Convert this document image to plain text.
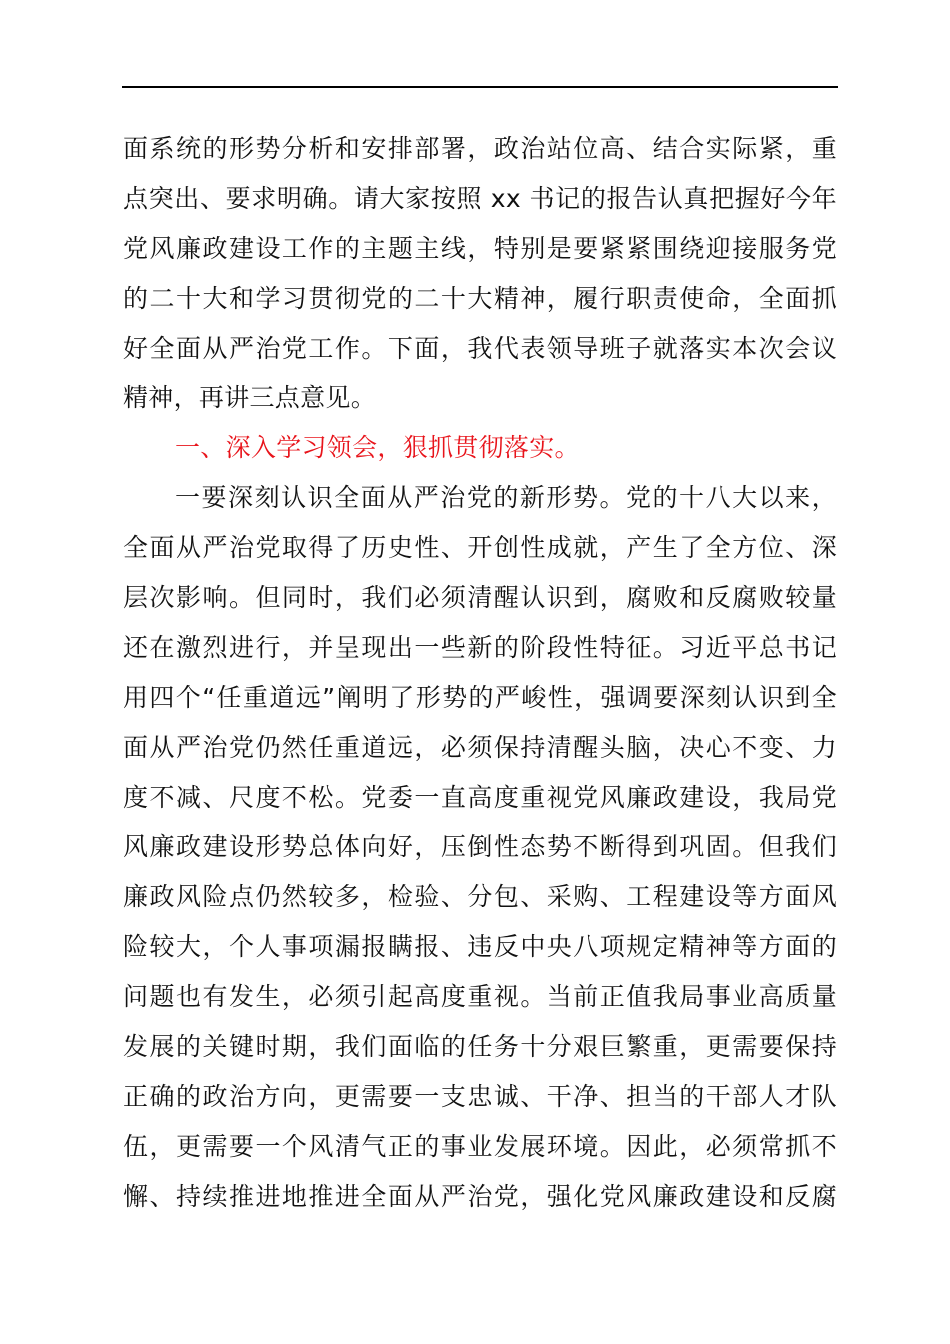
面系统的形势分析和安排部署，政治站位高、结合实际紧，重
点突出、要求明确。请大家按照 xx 书记的报告认真把握好今年
党风廉政建设工作的主题主线，特别是要紧紧围绕迎接服务党
的二十大和学习贯彻党的二十大精神，履行职责使命，全面抓
好全面从严治党工作。下面，我代表领导班子就落实本次会议
精神，再讲三点意见。
一、深入学习领会，狠抓贯彻落实。
一要深刻认识全面从严治党的新形势。党的十八大以来，
全面从严治党取得了历史性、开创性成就，产生了全方位、深
层次影响。但同时，我们必须清醒认识到，腐败和反腐败较量
还在激烈进行，并呈现出一些新的阶段性特征。习近平总书记
用四个“任重道远”阐明了形势的严峻性，强调要深刻认识到全
面从严治党仍然任重道远，必须保持清醒头脑，决心不变、力
度不减、尺度不松。党委一直高度重视党风廉政建设，我局党
风廉政建设形势总体向好，压倒性态势不断得到巩固。但我们
廉政风险点仍然较多，检验、分包、采购、工程建设等方面风
险较大，个人事项漏报瞒报、违反中央八项规定精神等方面的
问题也有发生，必须引起高度重视。当前正值我局事业高质量
发展的关键时期，我们面临的任务十分艰巨繁重，更需要保持
正确的政治方向，更需要一支忠诚、干净、担当的干部人才队
伍，更需要一个风清气正的事业发展环境。因此，必须常抓不
懈、持续推进地推进全面从严治党，强化党风廉政建设和反腐
